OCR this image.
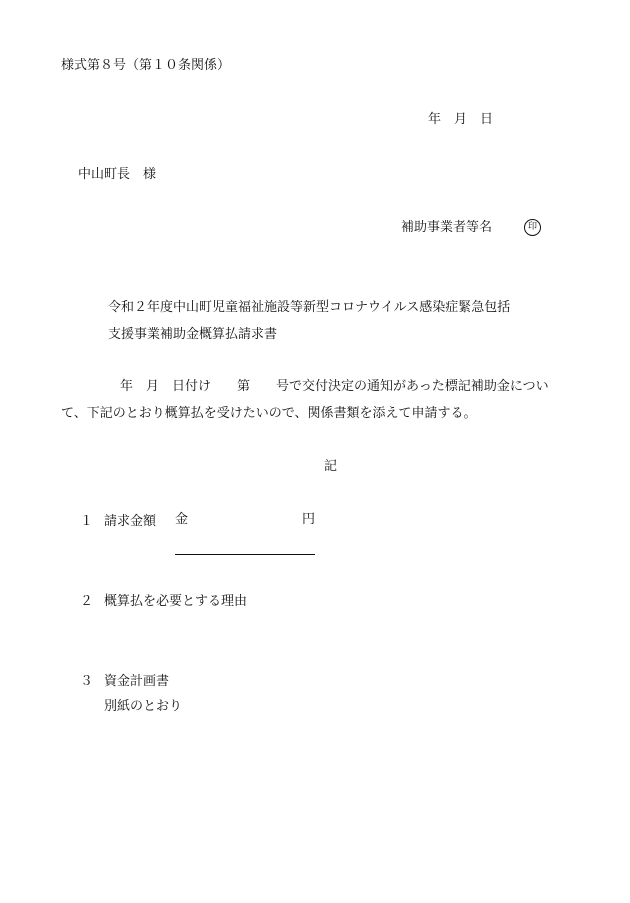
様式第８号（第１０条関係）

年　月　日

中山町長　様

補助事業者等名	印

令和２年度中山町児童福祉施設等新型コロナウイルス感染症緊急包括

支援事業補助金概算払請求書

年　月　日付け　　第　　号で交付決定の通知があった標記補助金につい

て、下記のとおり概算払を受けたいので、関係書類を添えて申請する。

記

１ 請求金額

金

	円

２ 概算払を必要とする理由
３ 資金計画書
別紙のとおり
